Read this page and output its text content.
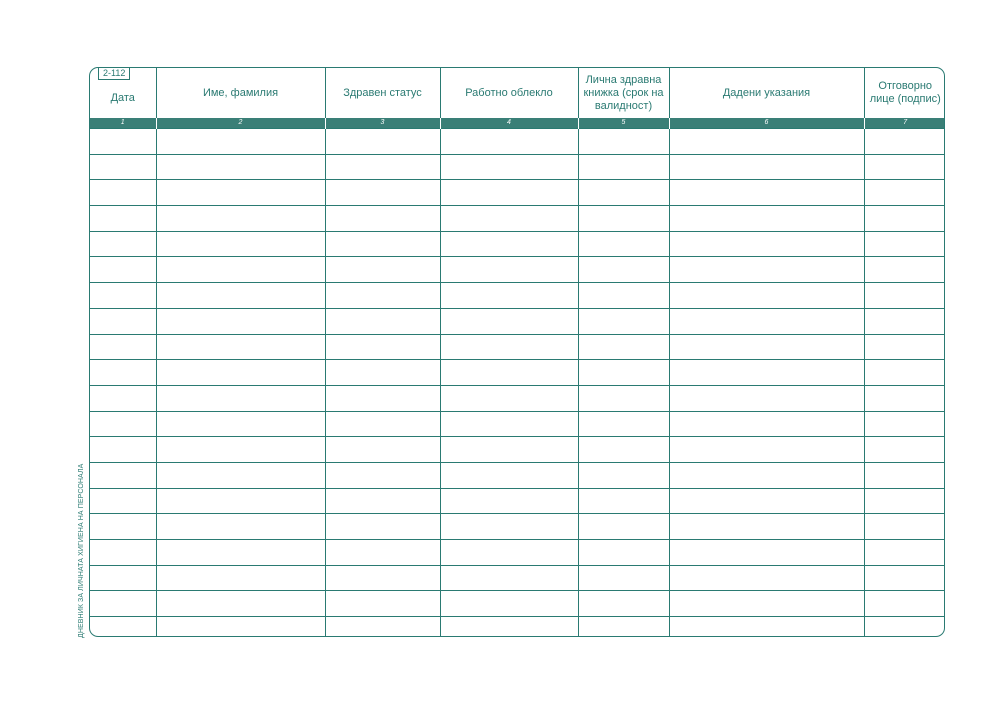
2-112
Дата	Име, фамилия	Здравен статус	Работно облекло	Лична здравна книжка (срок на валидност)	Дадени указания	Отговорно лице (подпис)

1	2	3	4	5	6	7

ДНЕВНИК ЗА ЛИЧНАТА ХИГИЕНА НА ПЕРСОНАЛА
